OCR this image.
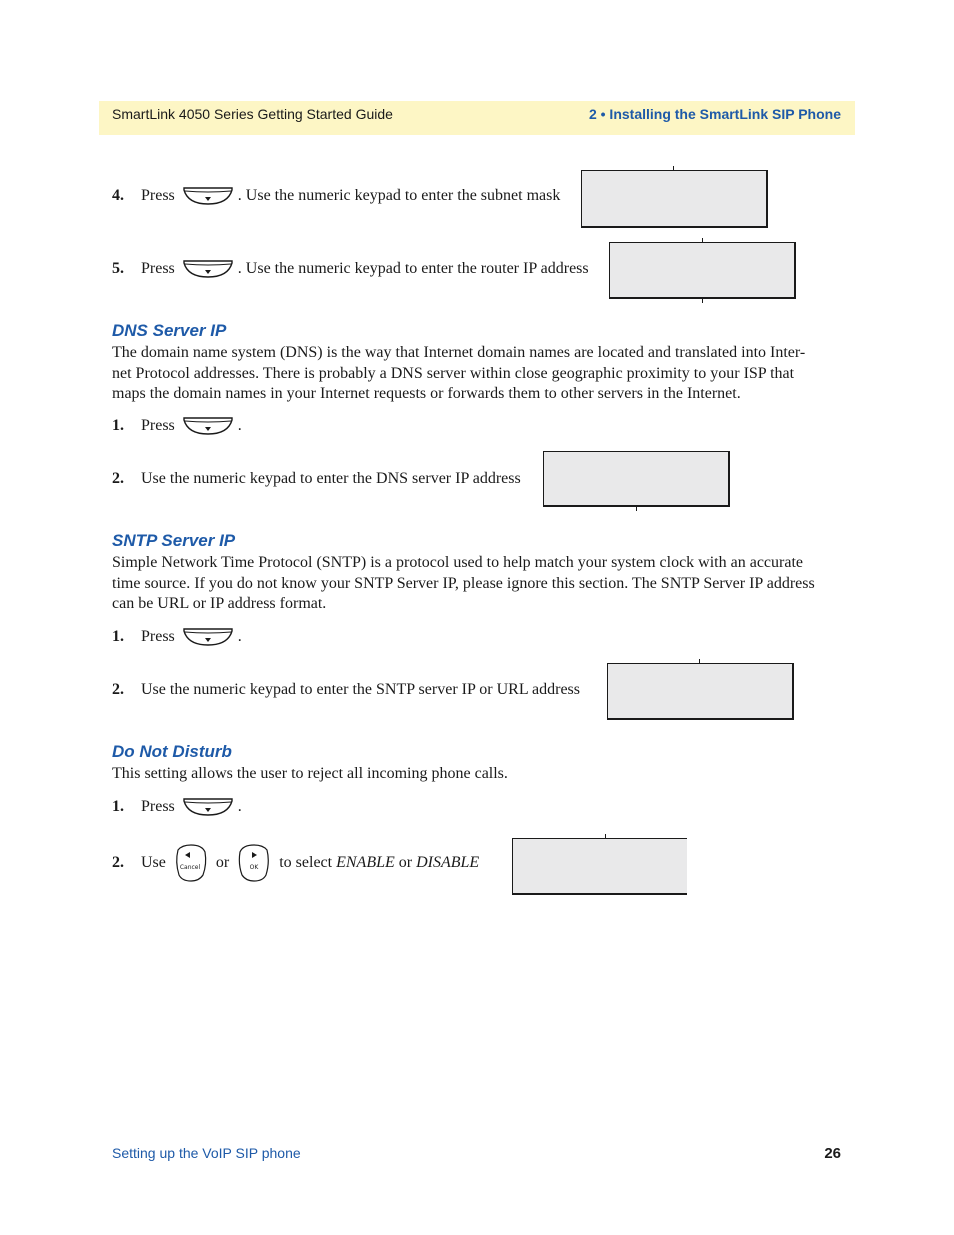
SmartLink 4050 Series Getting Started Guide	2 • Installing the SmartLink SIP Phone
4.	Press	. Use the numeric keypad to enter the subnet mask
5.	Press	. Use the numeric keypad to enter the router IP address
DNS Server IP
The domain name system (DNS) is the way that Internet domain names are located and translated into Inter-
net Protocol addresses. There is probably a DNS server within close geographic proximity to your ISP that
maps the domain names in your Internet requests or forwards them to other servers in the Internet.
1.	Press	.
2.	Use the numeric keypad to enter the DNS server IP address
SNTP Server IP
Simple Network Time Protocol (SNTP) is a protocol used to help match your system clock with an accurate
time source. If you do not know your SNTP Server IP, please ignore this section. The SNTP Server IP address
can be URL or IP address format.
1.	Press	.
2.	Use the numeric keypad to enter the SNTP server IP or URL address
Do Not Disturb
This setting allows the user to reject all incoming phone calls.
1.	Press	.
2.	Use Cancel or	OK to select
ENABLE
or
DISABLE
Setting up the VoIP SIP phone	26
